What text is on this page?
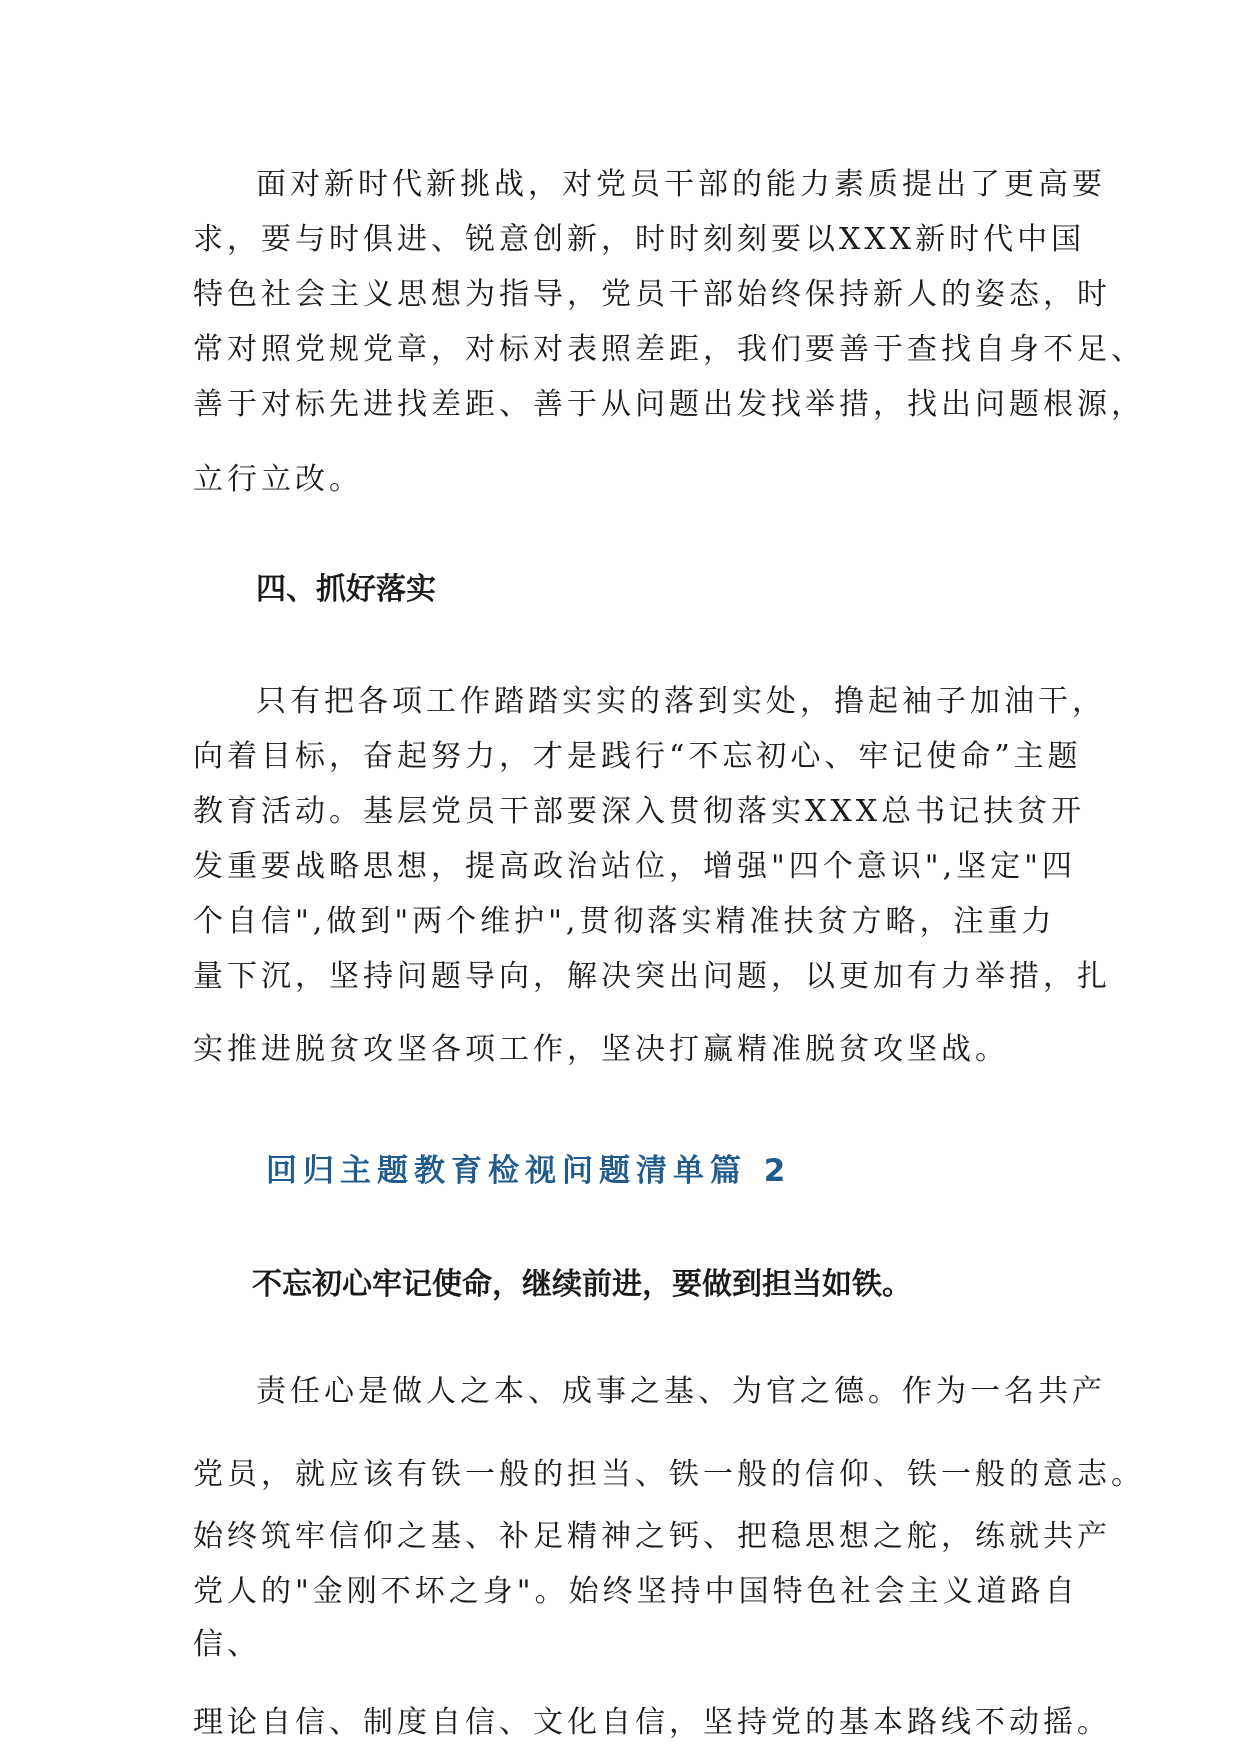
面对新时代新挑战，对党员干部的能力素质提出了更高要
求，要与时俱进、锐意创新，时时刻刻要以XXX新时代中国
特色社会主义思想为指导，党员干部始终保持新人的姿态，时
常对照党规党章，对标对表照差距，我们要善于查找自身不足、
善于对标先进找差距、善于从问题出发找举措，找出问题根源，
立行立改。
四、抓好落实
只有把各项工作踏踏实实的落到实处，撸起袖子加油干，
向着目标，奋起努力，才是践行“不忘初心、牢记使命”主题
教育活动。基层党员干部要深入贯彻落实XXX总书记扶贫开
发重要战略思想，提高政治站位，增强"四个意识",坚定"四
个自信",做到"两个维护",贯彻落实精准扶贫方略，注重力
量下沉，坚持问题导向，解决突出问题，以更加有力举措，扎
实推进脱贫攻坚各项工作，坚决打赢精准脱贫攻坚战。
回归主题教育检视问题清单篇 2
不忘初心牢记使命，继续前进，要做到担当如铁。
责任心是做人之本、成事之基、为官之德。作为一名共产
党员，就应该有铁一般的担当、铁一般的信仰、铁一般的意志。
始终筑牢信仰之基、补足精神之钙、把稳思想之舵，练就共产
党人的"金刚不坏之身"。始终坚持中国特色社会主义道路自
信、
理论自信、制度自信、文化自信，坚持党的基本路线不动摇。
